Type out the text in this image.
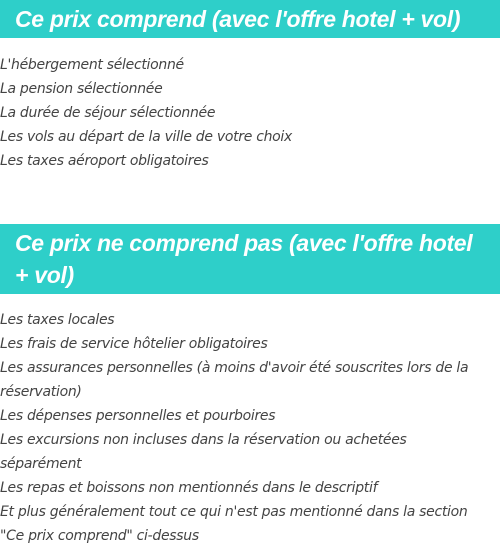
Ce prix comprend (avec l'offre hotel + vol)
L'hébergement sélectionné
La pension sélectionnée
La durée de séjour sélectionnée
Les vols au départ de la ville de votre choix
Les taxes aéroport obligatoires
Ce prix ne comprend pas (avec l'offre hotel + vol)
Les taxes locales
Les frais de service hôtelier obligatoires
Les assurances personnelles (à moins d'avoir été souscrites lors de la réservation)
Les dépenses personnelles et pourboires
Les excursions non incluses dans la réservation ou achetées séparément
Les repas et boissons non mentionnés dans le descriptif
Et plus généralement tout ce qui n'est pas mentionné dans la section "Ce prix comprend" ci-dessus
